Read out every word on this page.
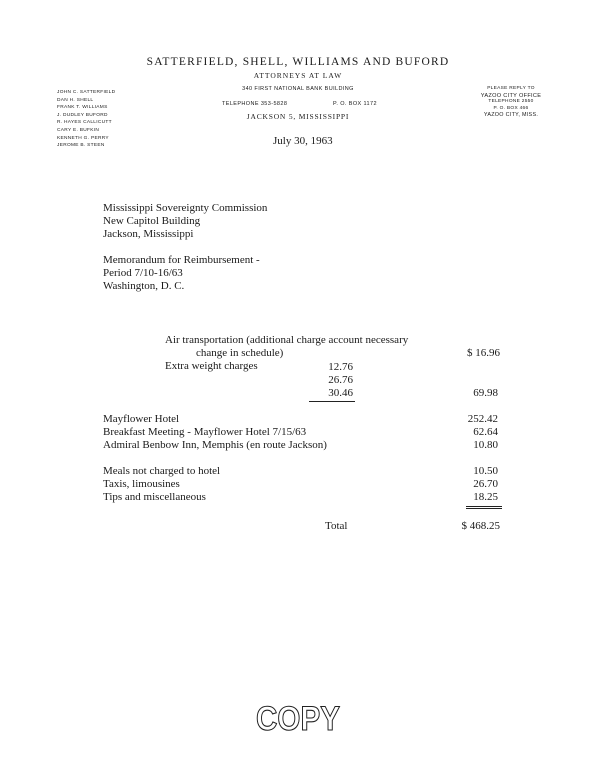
SATTERFIELD, SHELL, WILLIAMS AND BUFORD
ATTORNEYS AT LAW
340 FIRST NATIONAL BANK BUILDING
TELEPHONE 353-5828	P. O. BOX 1172
JACKSON 5, MISSISSIPPI
JOHN C. SATTERFIELD
DAN H. SHELL
FRANK T. WILLIAMS
J. DUDLEY BUFORD
R. HAYES CALLICUTT
CARY E. BUFKIN
KENNETH G. PERRY
JEROME B. STEEN
PLEASE REPLY TO
YAZOO CITY OFFICE
TELEPHONE 2550
P. O. BOX 466
YAZOO CITY, MISS.
July 30, 1963
Mississippi Sovereignty Commission
New Capitol Building
Jackson, Mississippi
Memorandum for Reimbursement -
Period 7/10-16/63
Washington, D. C.
Air transportation (additional charge account necessary
change in schedule)	$ 16.96
Extra weight charges	12.76
26.76
30.46	69.98
Mayflower Hotel	252.42
Breakfast Meeting - Mayflower Hotel 7/15/63	62.64
Admiral Benbow Inn, Memphis (en route Jackson)	10.80
Meals not charged to hotel	10.50
Taxis, limousines	26.70
Tips and miscellaneous	18.25
Total	$ 468.25
COPY
